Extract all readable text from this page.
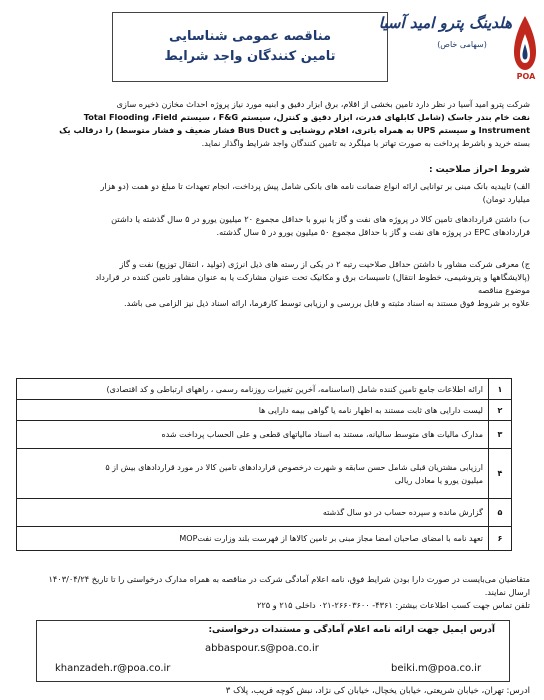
مناقصه عمومی شناسایی
تامین کنندگان واجد شرایط
هلدینگ پترو امید آسیا
(سهامی خاص)
POA
شرکت پترو امید آسیا در نظر دارد تامین بخشی از اقلام، برق ابزار دقیق و ابنیه مورد نیاز پروژه احداث مخازن ذخیره سازی
نفت خام بندر جاسک (شامل کابلهای قدرت، ابزار دقیق و کنترل، سیستم F&G ، سیستم Total Flooding ،Field
Instrument و سیستم UPS به همراه باتری، اقلام روشنایی و Bus Duct فشار ضعیف و فشار متوسط) را درقالب یک
بسته خرید و باشرط پرداخت به صورت تهاتر با میلگرد به تامین کنندگان واجد شرایط واگذار نماید.
شروط احراز صلاحیت :
الف) تاییدیه بانک مبنی بر توانایی ارائه انواع ضمانت نامه های بانکی شامل پیش پرداخت، انجام تعهدات تا مبلغ دو همت (دو هزار
میلیارد تومان)
ب) داشتن قراردادهای تامین کالا در پروژه های نفت و گاز یا نیرو با حداقل مجموع ۲۰ میلیون یورو در ۵ سال گذشته یا داشتن
قراردادهای EPC در پروژه های نفت و گاز با حداقل مجموع ۵۰ میلیون یورو در ۵ سال گذشته.
ج) معرفی شرکت مشاور با داشتن حداقل صلاحیت رتبه ۲ در یکی از رسته های ذیل انرژی (تولید ، انتقال توزیع) نفت و گاز
(پالایشگاهها و پتروشیمی، خطوط انتقال) تاسیسات برق و مکانیک تحت عنوان مشارکت یا به عنوان مشاور تامین کننده در قرارداد
موضوع مناقصه
علاوه بر شروط فوق مستند به اسناد مثبته و قابل بررسی و ارزیابی توسط کارفرما، ارائه اسناد ذیل نیز الزامی می باشد.
۱	ارائه اطلاعات جامع تامین کننده شامل (اساسنامه، آخرین تغییرات روزنامه رسمی ، راههای ارتباطی و کد اقتصادی)

۲	لیست دارایی های ثابت مستند به اظهار نامه یا گواهی بیمه دارایی ها

۳	مدارک مالیات های متوسط سالیانه، مستند به اسناد مالیاتهای قطعی و علی الحساب پرداخت شده

۴	ارزیابی مشتریان قبلی شامل حسن سابقه و شهرت درخصوص قراردادهای تامین کالا در مورد قراردادهای بیش از ۵
میلیون یورو یا معادل ریالی

۵	گزارش مانده و سپرده حساب در دو سال گذشته

۶	تعهد نامه با امضای صاحبان امضا مجاز مبنی بر تامین کالاها از فهرست بلند وزارت نفتMOP
متقاضیان می‌بایست در صورت دارا بودن شرایط فوق، نامه اعلام آمادگی شرکت در مناقصه به همراه مدارک درخواستی را تا تاریخ ۱۴۰۳/۰۴/۲۴
ارسال نمایند.
تلفن تماس جهت کسب اطلاعات بیشتر: ۴۳۶۱- ۲۶۶۰۳۶۰۰-۰۲۱ داخلی ۲۱۵ و ۲۲۵
آدرس ایمیل جهت ارائه نامه اعلام آمادگی و مستندات درخواستی:
abbaspour.s@poa.co.ir
khanzadeh.r@poa.co.ir	beiki.m@poa.co.ir
ادرس: تهران، خیابان شریعتی، خیابان یخچال، خیابان کی نژاد، نبش کوچه فریب، پلاک ۳
